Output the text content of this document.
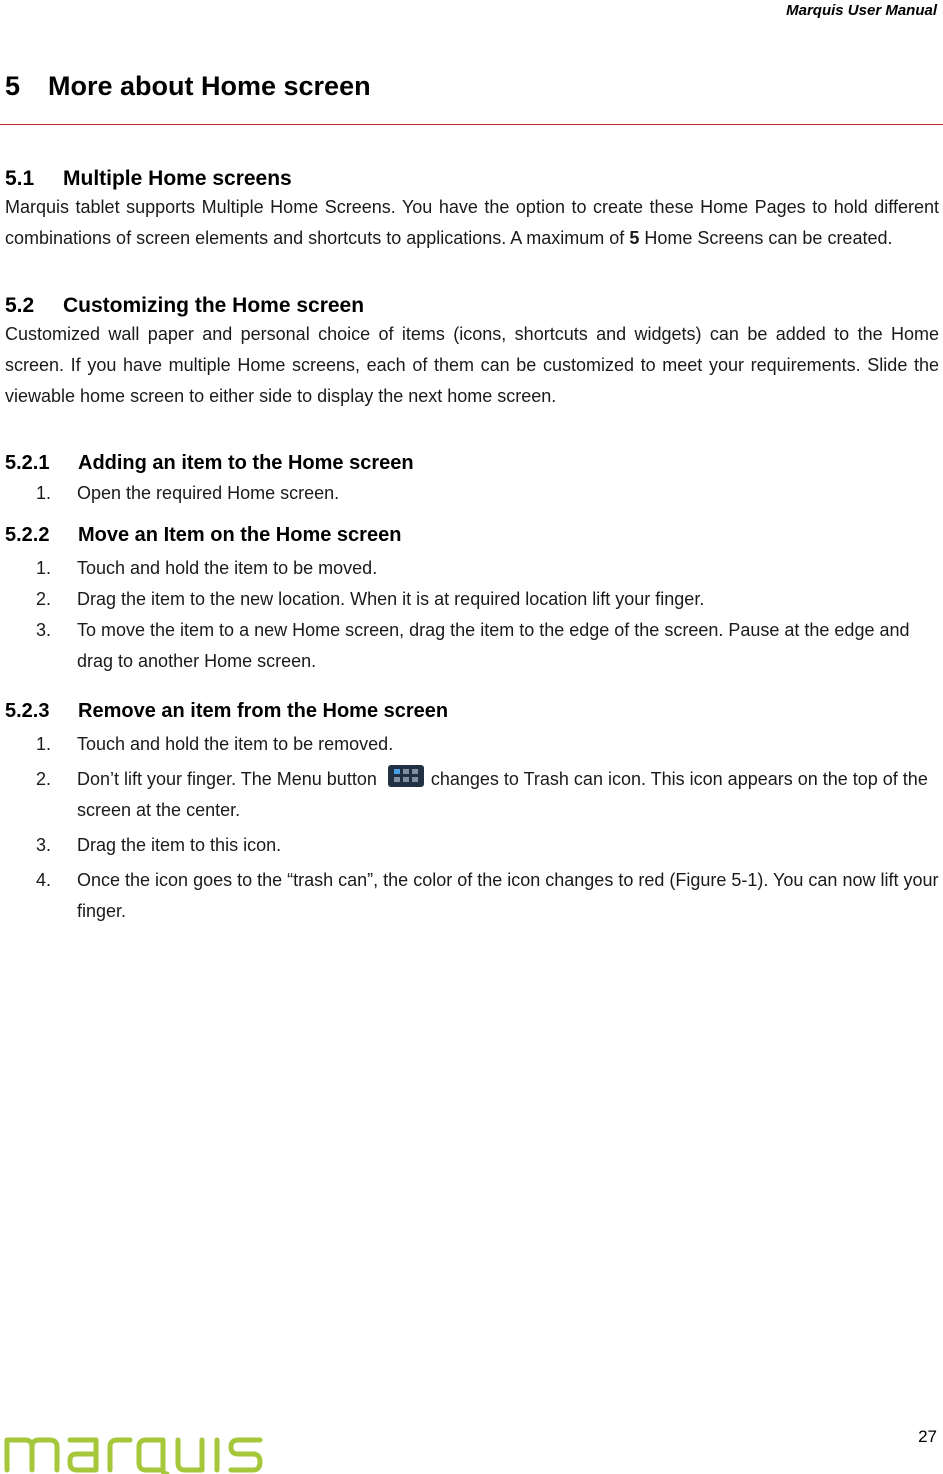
Marquis User Manual
5 More about Home screen
5.1 Multiple Home screens

Marquis tablet supports Multiple Home Screens. You have the option to create these Home Pages to hold different combinations of screen elements and shortcuts to applications. A maximum of 5 Home Screens can be created.

5.2 Customizing the Home screen

Customized wall paper and personal choice of items (icons, shortcuts and widgets) can be added to the Home screen. If you have multiple Home screens, each of them can be customized to meet your requirements. Slide the viewable home screen to either side to display the next home screen.

5.2.1 Adding an item to the Home screen
1. Open the required Home screen.
5.2.2 Move an Item on the Home screen
1. Touch and hold the item to be moved.
2. Drag the item to the new location. When it is at required location lift your finger.
3. To move the item to a new Home screen, drag the item to the edge of the screen. Pause at the edge and drag to another Home screen.
5.2.3 Remove an item from the Home screen
1. Touch and hold the item to be removed.
2. Don’t lift your finger. The Menu button
changes to Trash can icon. This icon appears on the top of the screen at the center.
3. Drag the item to this icon.
4. Once the icon goes to the “trash can”, the color of the icon changes to red (Figure 5-1). You can now lift your finger.
27
